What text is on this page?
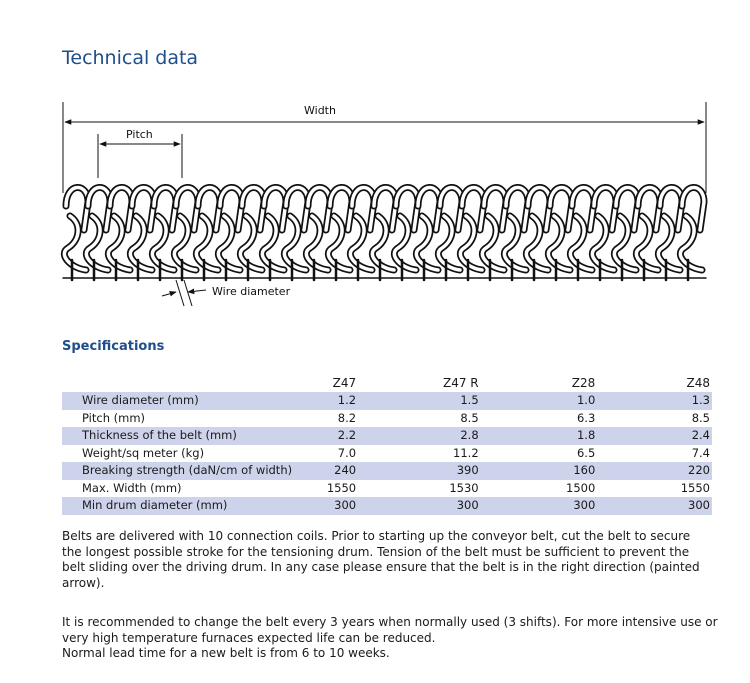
Technical data
Width
Pitch
Wire diameter
Specifications
	Z47	Z47 R	Z28	Z48
Wire diameter (mm)	1.2	1.5	1.0	1.3
Pitch (mm)	8.2	8.5	6.3	8.5
Thickness of the belt (mm)	2.2	2.8	1.8	2.4
Weight/sq meter (kg)	7.0	11.2	6.5	7.4
Breaking strength (daN/cm of width)	240	390	160	220
Max. Width (mm)	1550	1530	1500	1550
Min drum diameter (mm)	300	300	300	300
Belts are delivered with 10 connection coils. Prior to starting up the conveyor belt, cut the belt to secure
the longest possible stroke for the tensioning drum. Tension of the belt must be sufficient to prevent the
belt sliding over the driving drum. In any case please ensure that the belt is in the right direction (painted
arrow).
It is recommended to change the belt every 3 years when normally used (3 shifts). For more intensive use or
very high temperature furnaces expected life can be reduced.
Normal lead time for a new belt is from 6 to 10 weeks.
